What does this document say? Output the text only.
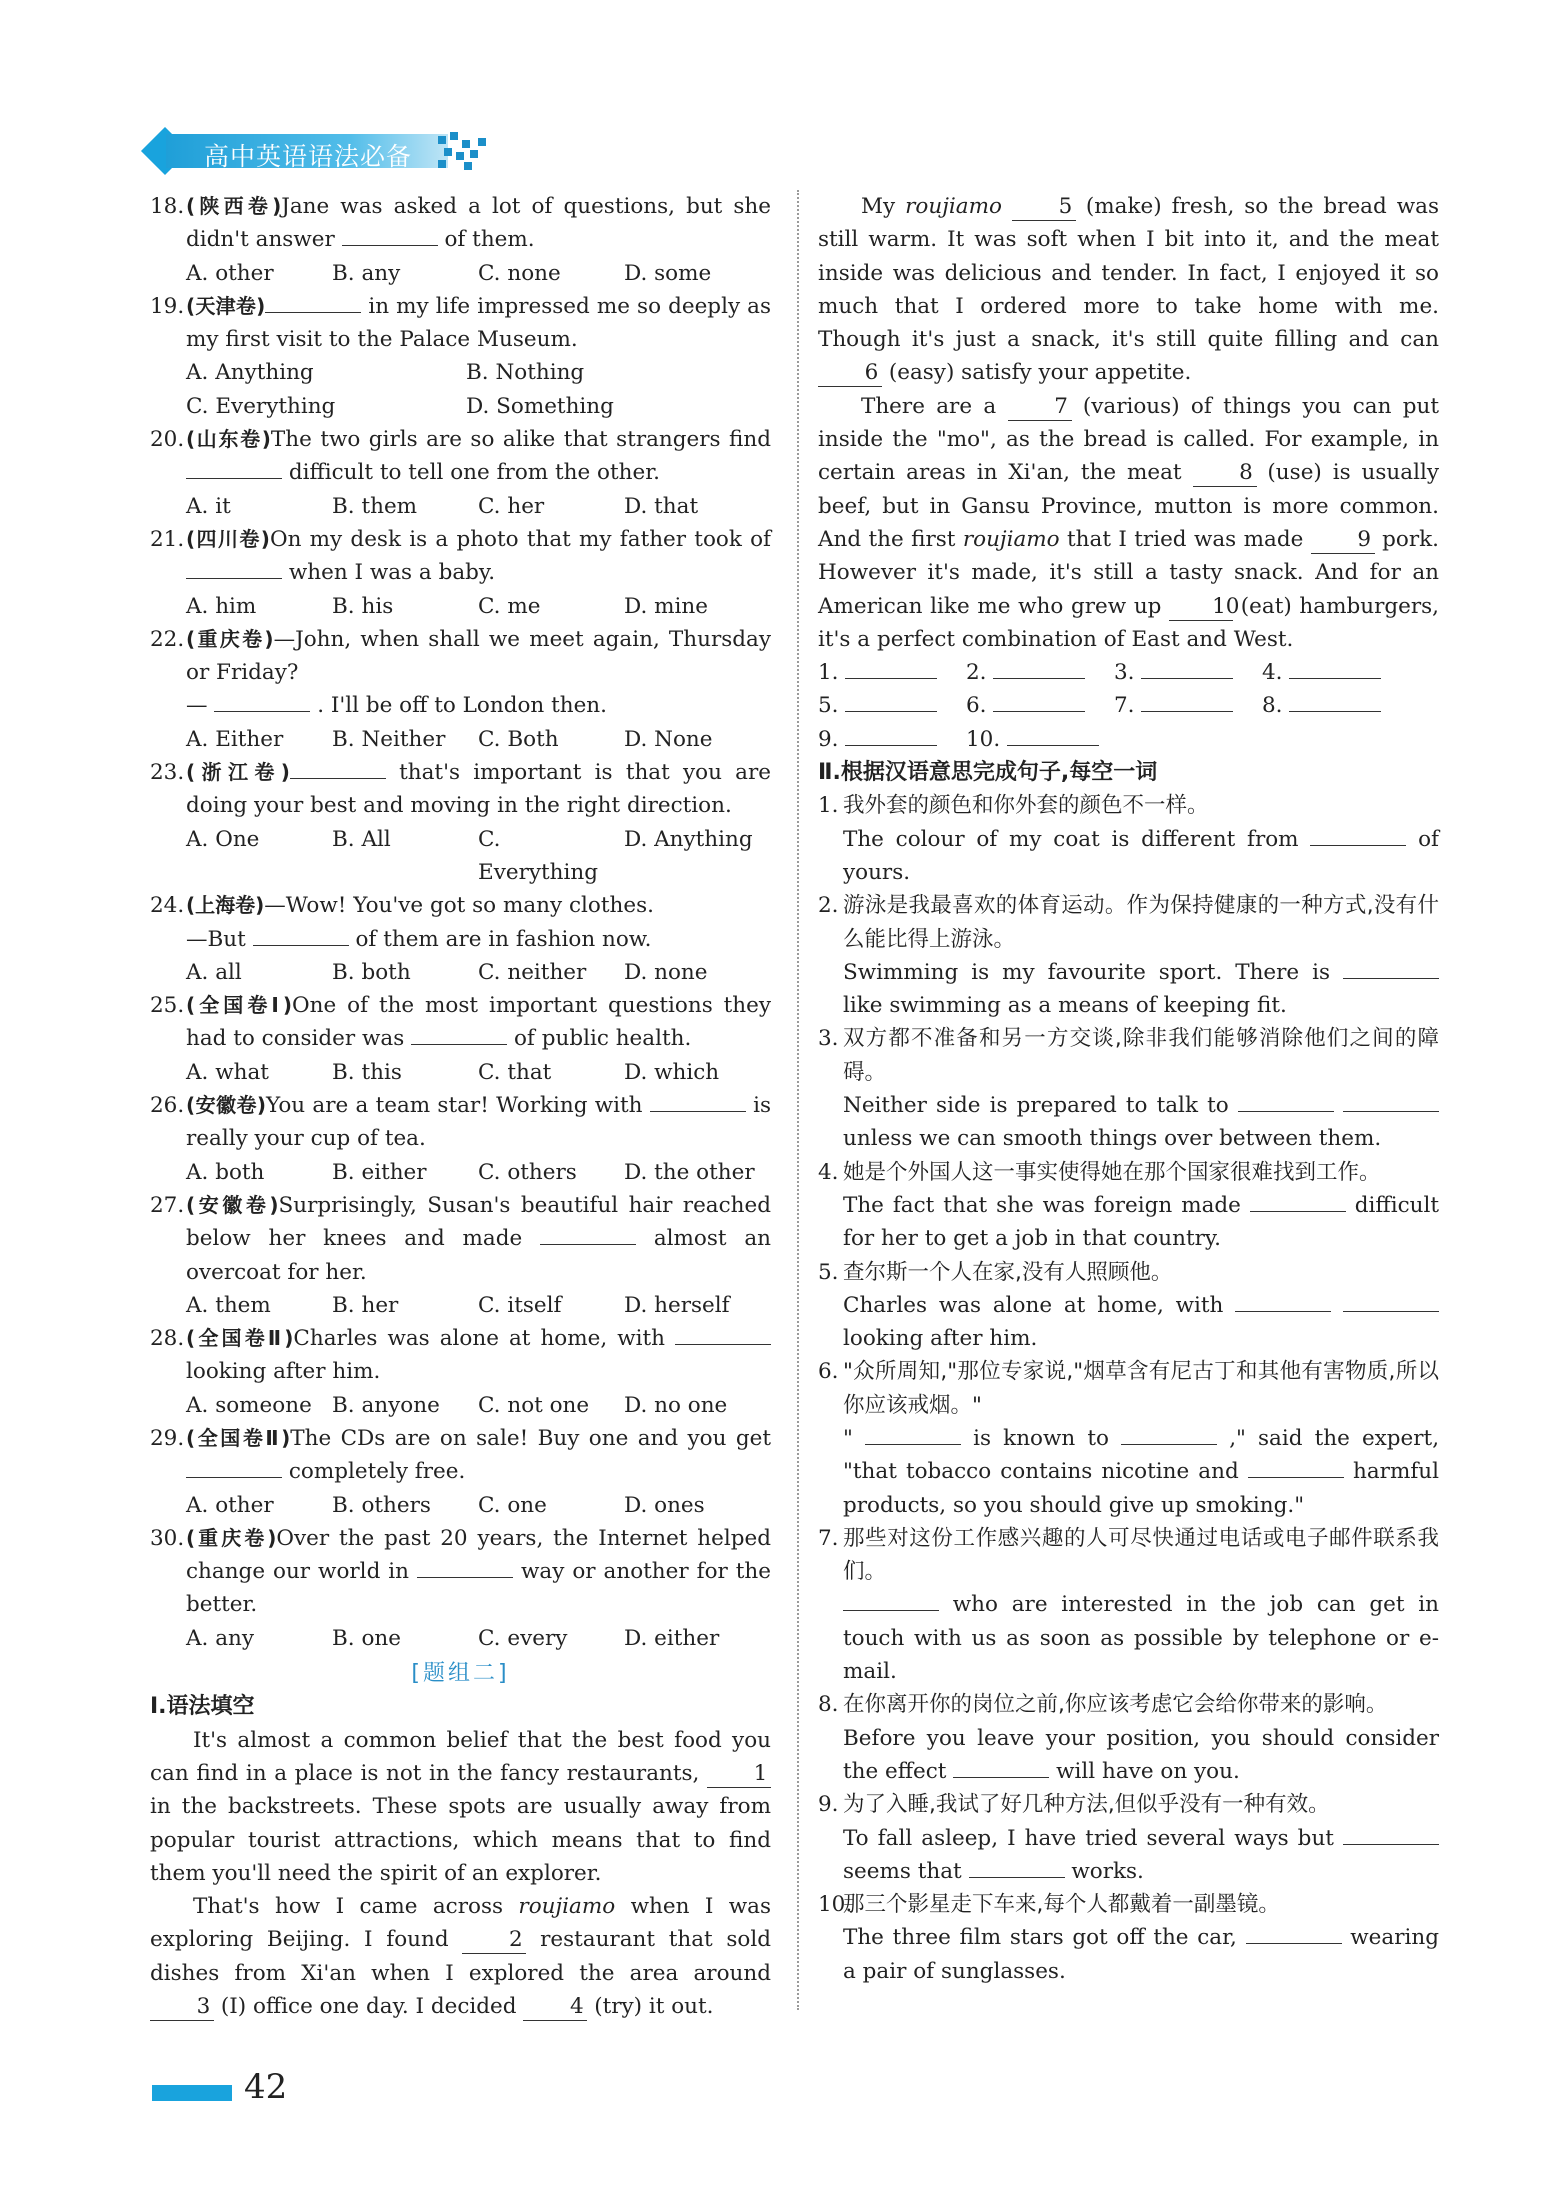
高中英语语法必备
18. (陕西卷)Jane was asked a lot of questions, but she didn't answer	of them.
A. other	B. any	C. none	D. some
19. (天津卷)	in my life impressed me so deeply as my first visit to the Palace Museum.
A. Anything	B. Nothing
C. Everything	D. Something
20. (山东卷)The two girls are so alike that strangers find  difficult to tell one from the other.
A. it	B. them	C. her	D. that
21. (四川卷)On my desk is a photo that my father took of  when I was a baby.
A. him	B. his	C. me	D. mine
22. (重庆卷)—John, when shall we meet again, Thursday or Friday?
—	. I'll be off to London then.
A. Either	B. Neither	C. Both	D. None
23. (浙江卷)	that's important is that you are doing your best and moving in the right direction.
A. One	B. All	C. Everything
D. Anything
24. (上海卷)—Wow! You've got so many clothes.
—But	of them are in fashion now.
A. all	B. both	C. neither	D. none
25. (全国卷Ⅰ)One of the most important questions they had to consider was	of public health.
A. what	B. this	C. that	D. which
26. (安徽卷)You are a team star! Working with	is really your cup of tea.
A. both	B. either	C. others	D. the other
27. (安徽卷)Surprisingly, Susan's beautiful hair reached below her knees and made	almost an overcoat for her.
A. them	B. her	C. itself	D. herself
28. (全国卷Ⅱ)Charles was alone at home, with  looking after him.
A. someone B. anyone	C. not one	D. no one
29. (全国卷Ⅱ)The CDs are on sale! Buy one and you get  completely free.
A. other	B. others	C. one	D. ones
30. (重庆卷)Over the past 20 years, the Internet helped change our world in	way or another for the better.
A. any	B. one	C. every	D. either
[题组二]
Ⅰ.语法填空
It's almost a common belief that the best food you can find in a place is not in the fancy restaurants,	1 in the backstreets. These spots are usually away from popular tourist attractions, which means that to find them you'll need the spirit of an explorer.
That's how I came across roujiamo when I was exploring Beijing. I found	2 restaurant that sold dishes from Xi'an when I explored the area around 3 (I) office one day. I decided 4 (try) it out.
My roujiamo	5 (make) fresh, so the bread was still warm. It was soft when I bit into it, and the meat inside was delicious and tender. In fact, I enjoyed it so much that I ordered more to take home with me. Though it's just a snack, it's still quite filling and can 6 (easy) satisfy your appetite.
There are a	7 (various) of things you can put inside the "mo", as the bread is called. For example, in certain areas in Xi'an, the meat	8 (use) is usually beef, but in Gansu Province, mutton is more common. And the first roujiamo that I tried was made	9 pork. However it's made, it's still a tasty snack. And for an American like me who grew up 10 (eat) hamburgers, it's a perfect combination of East and West.
1.	2.	3.	4.
5.	6.	7.	8.
9.	10.
Ⅱ.根据汉语意思完成句子,每空一词
1. 我外套的颜色和你外套的颜色不一样。
The colour of my coat is different from	of yours.
2. 游泳是我最喜欢的体育运动。作为保持健康的一种方式,没有什么能比得上游泳。
Swimming is my favourite sport. There is  like swimming as a means of keeping fit.
3. 双方都不准备和另一方交谈,除非我们能够消除他们之间的障碍。
Neither side is prepared to talk to   unless we can smooth things over between them.
4. 她是个外国人这一事实使得她在那个国家很难找到工作。
The fact that she was foreign made	difficult for her to get a job in that country.
5. 查尔斯一个人在家,没有人照顾他。
Charles was alone at home, with   looking after him.
6. "众所周知,"那位专家说,"烟草含有尼古丁和其他有害物质,所以你应该戒烟。"
"	is known to	," said the expert, "that tobacco contains nicotine and	harmful products, so you should give up smoking."
7. 那些对这份工作感兴趣的人可尽快通过电话或电子邮件联系我们。
who are interested in the job can get in touch with us as soon as possible by telephone or e-mail.
8. 在你离开你的岗位之前,你应该考虑它会给你带来的影响。
Before you leave your position, you should consider the effect	will have on you.
9. 为了入睡,我试了好几种方法,但似乎没有一种有效。
To fall asleep, I have tried several ways but  seems that	works.
10.
那三个影星走下车来,每个人都戴着一副墨镜。
The three film stars got off the car,	wearing a pair of sunglasses.
42
